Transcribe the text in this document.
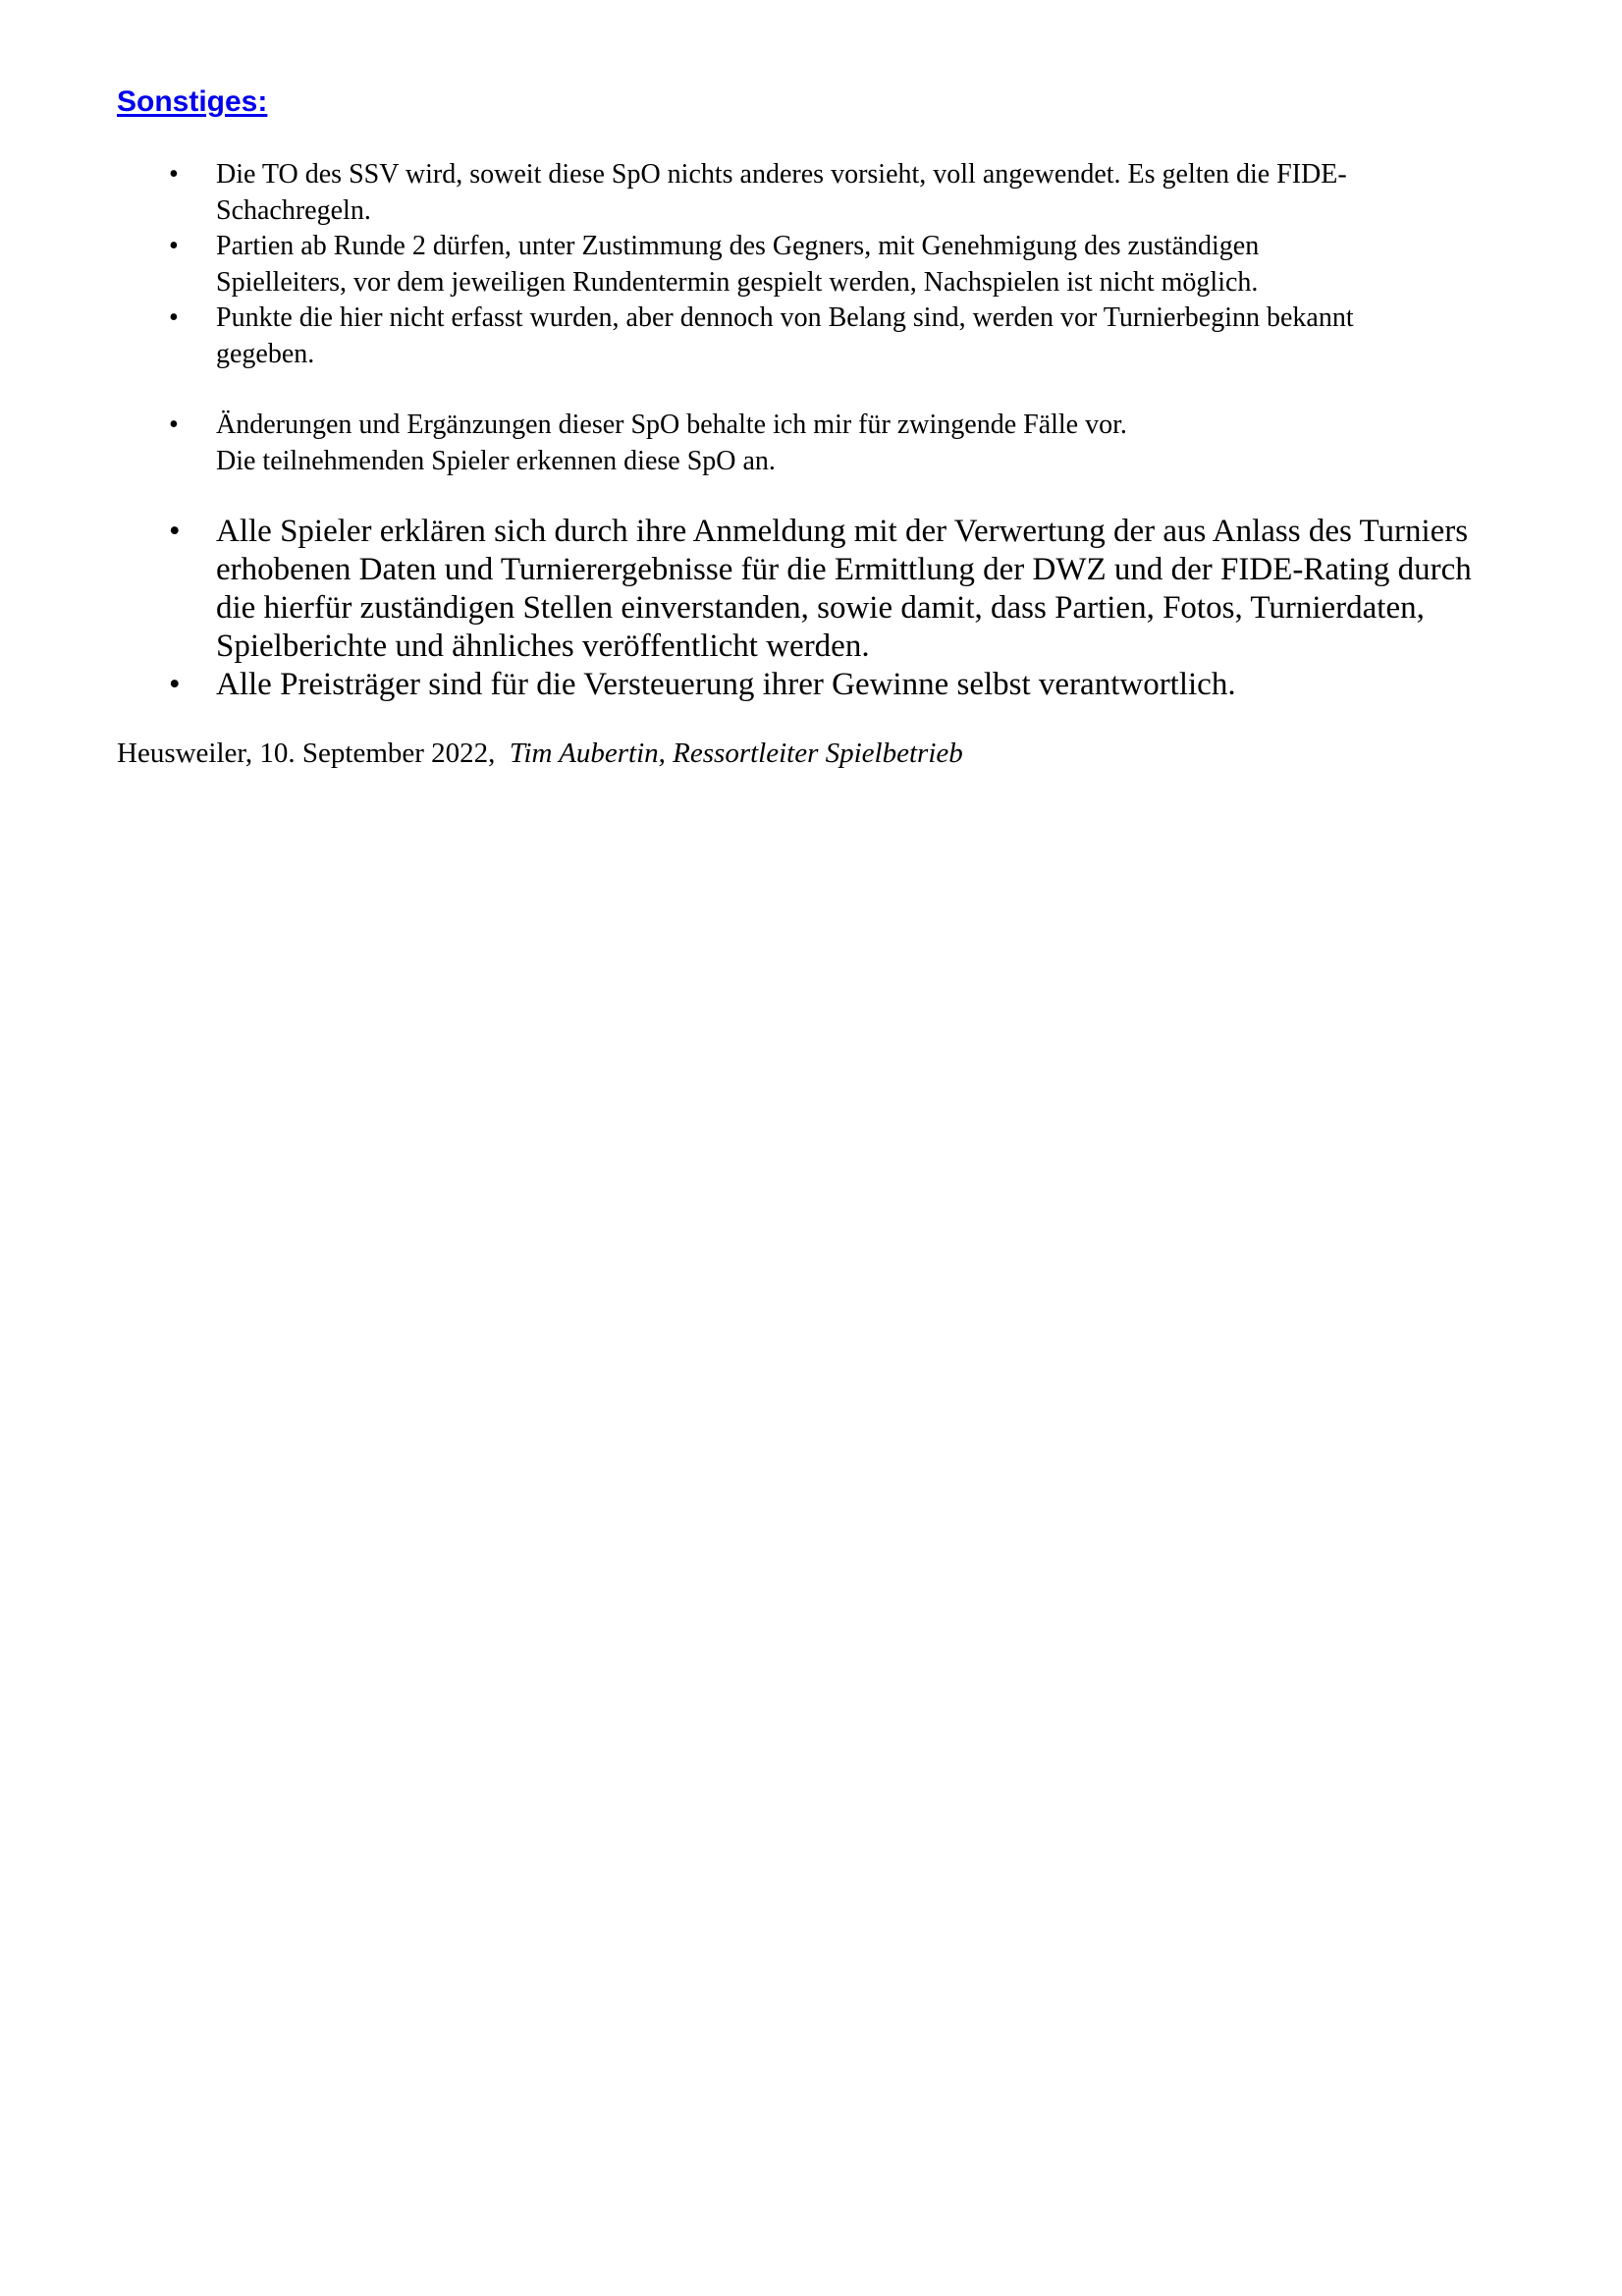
Sonstiges:
• Die TO des SSV wird, soweit diese SpO nichts anderes vorsieht, voll angewendet. Es gelten die FIDE-
Schachregeln.
• Partien ab Runde 2 dürfen, unter Zustimmung des Gegners, mit Genehmigung des zuständigen
Spielleiters, vor dem jeweiligen Rundentermin gespielt werden, Nachspielen ist nicht möglich.
• Punkte die hier nicht erfasst wurden, aber dennoch von Belang sind, werden vor Turnierbeginn bekannt
gegeben.
• Änderungen und Ergänzungen dieser SpO behalte ich mir für zwingende Fälle vor.
Die teilnehmenden Spieler erkennen diese SpO an.
• Alle Spieler erklären sich durch ihre Anmeldung mit der Verwertung der aus Anlass des Turniers
erhobenen Daten und Turnierergebnisse für die Ermittlung der DWZ und der FIDE-Rating durch
die hierfür zuständigen Stellen einverstanden, sowie damit, dass Partien, Fotos, Turnierdaten,
Spielberichte und ähnliches veröffentlicht werden.
• Alle Preisträger sind für die Versteuerung ihrer Gewinne selbst verantwortlich.

Heusweiler, 10. September 2022, Tim Aubertin, Ressortleiter Spielbetrieb
